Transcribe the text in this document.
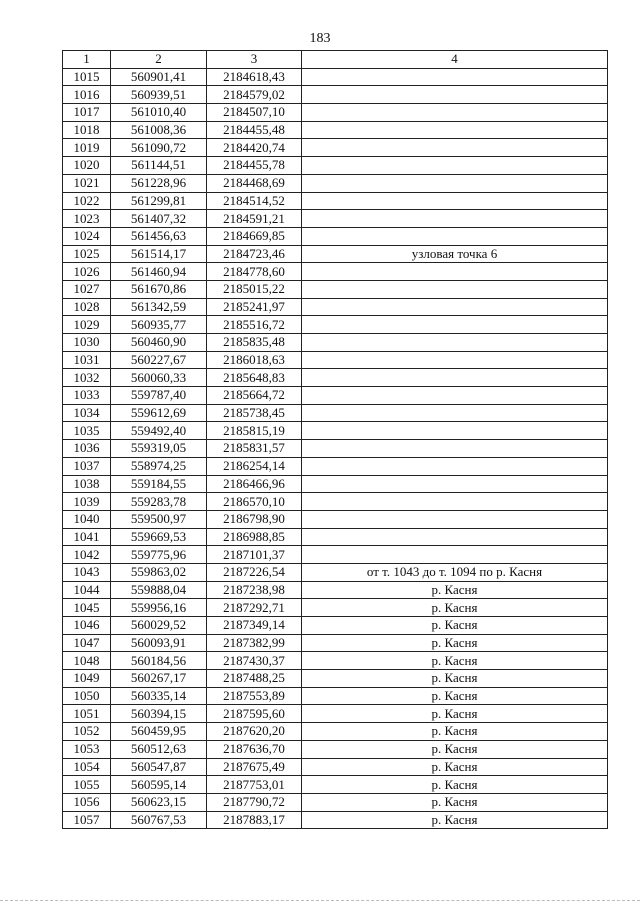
183
1	2	3	4
1015	560901,41	2184618,43	
1016	560939,51	2184579,02	
1017	561010,40	2184507,10	
1018	561008,36	2184455,48	
1019	561090,72	2184420,74	
1020	561144,51	2184455,78	
1021	561228,96	2184468,69	
1022	561299,81	2184514,52	
1023	561407,32	2184591,21	
1024	561456,63	2184669,85	
1025	561514,17	2184723,46	узловая точка 6
1026	561460,94	2184778,60	
1027	561670,86	2185015,22	
1028	561342,59	2185241,97	
1029	560935,77	2185516,72	
1030	560460,90	2185835,48	
1031	560227,67	2186018,63	
1032	560060,33	2185648,83	
1033	559787,40	2185664,72	
1034	559612,69	2185738,45	
1035	559492,40	2185815,19	
1036	559319,05	2185831,57	
1037	558974,25	2186254,14	
1038	559184,55	2186466,96	
1039	559283,78	2186570,10	
1040	559500,97	2186798,90	
1041	559669,53	2186988,85	
1042	559775,96	2187101,37	
1043	559863,02	2187226,54	от т. 1043 до т. 1094 по р. Касня
1044	559888,04	2187238,98	р. Касня
1045	559956,16	2187292,71	р. Касня
1046	560029,52	2187349,14	р. Касня
1047	560093,91	2187382,99	р. Касня
1048	560184,56	2187430,37	р. Касня
1049	560267,17	2187488,25	р. Касня
1050	560335,14	2187553,89	р. Касня
1051	560394,15	2187595,60	р. Касня
1052	560459,95	2187620,20	р. Касня
1053	560512,63	2187636,70	р. Касня
1054	560547,87	2187675,49	р. Касня
1055	560595,14	2187753,01	р. Касня
1056	560623,15	2187790,72	р. Касня
1057	560767,53	2187883,17	р. Касня
